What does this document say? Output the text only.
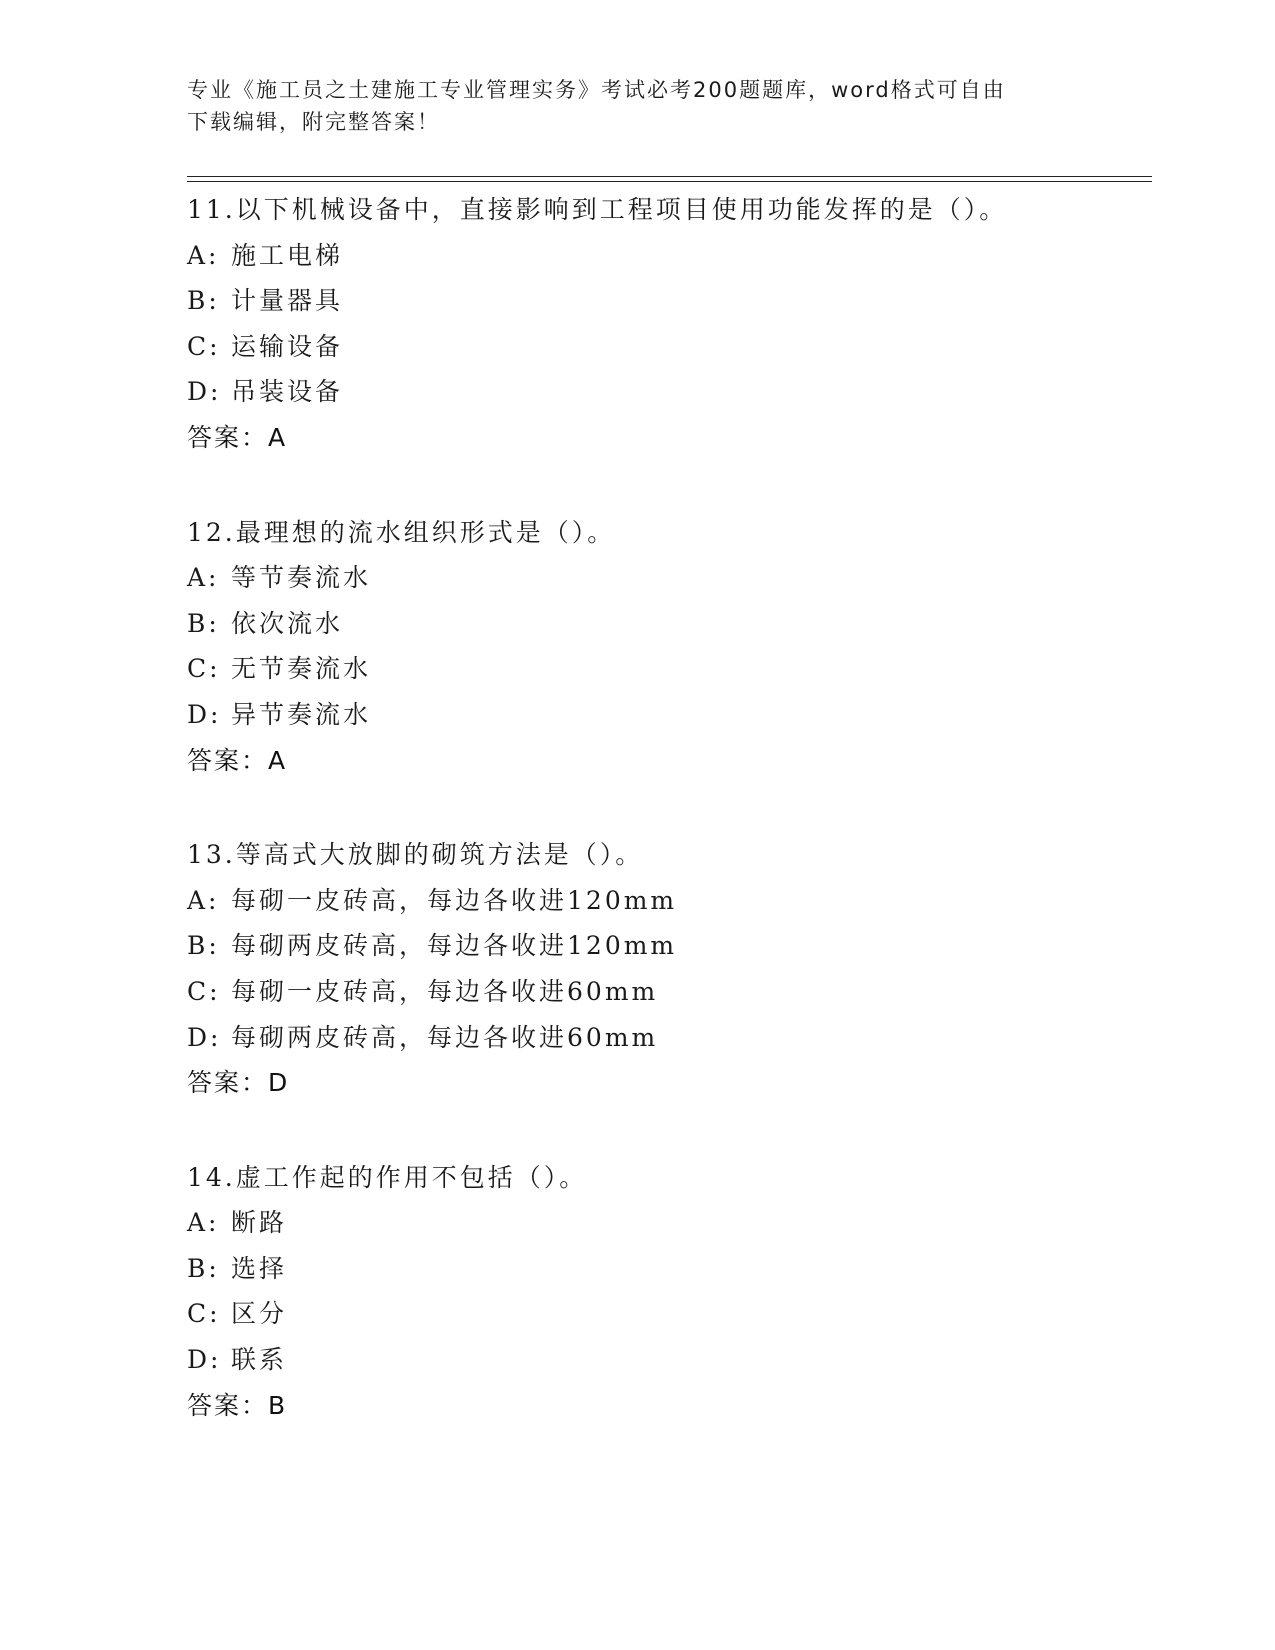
专业《施工员之土建施工专业管理实务》考试必考200题题库，word格式可自由
下载编辑，附完整答案！
11.以下机械设备中，直接影响到工程项目使用功能发挥的是（）。
A: 施工电梯
B: 计量器具
C: 运输设备
D: 吊装设备
答案：A
12.最理想的流水组织形式是（）。
A: 等节奏流水
B: 依次流水
C: 无节奏流水
D: 异节奏流水
答案：A
13.等高式大放脚的砌筑方法是（）。
A: 每砌一皮砖高，每边各收进120mm
B: 每砌两皮砖高，每边各收进120mm
C: 每砌一皮砖高，每边各收进60mm
D: 每砌两皮砖高，每边各收进60mm
答案：D
14.虚工作起的作用不包括（）。
A: 断路
B: 选择
C: 区分
D: 联系
答案：B
